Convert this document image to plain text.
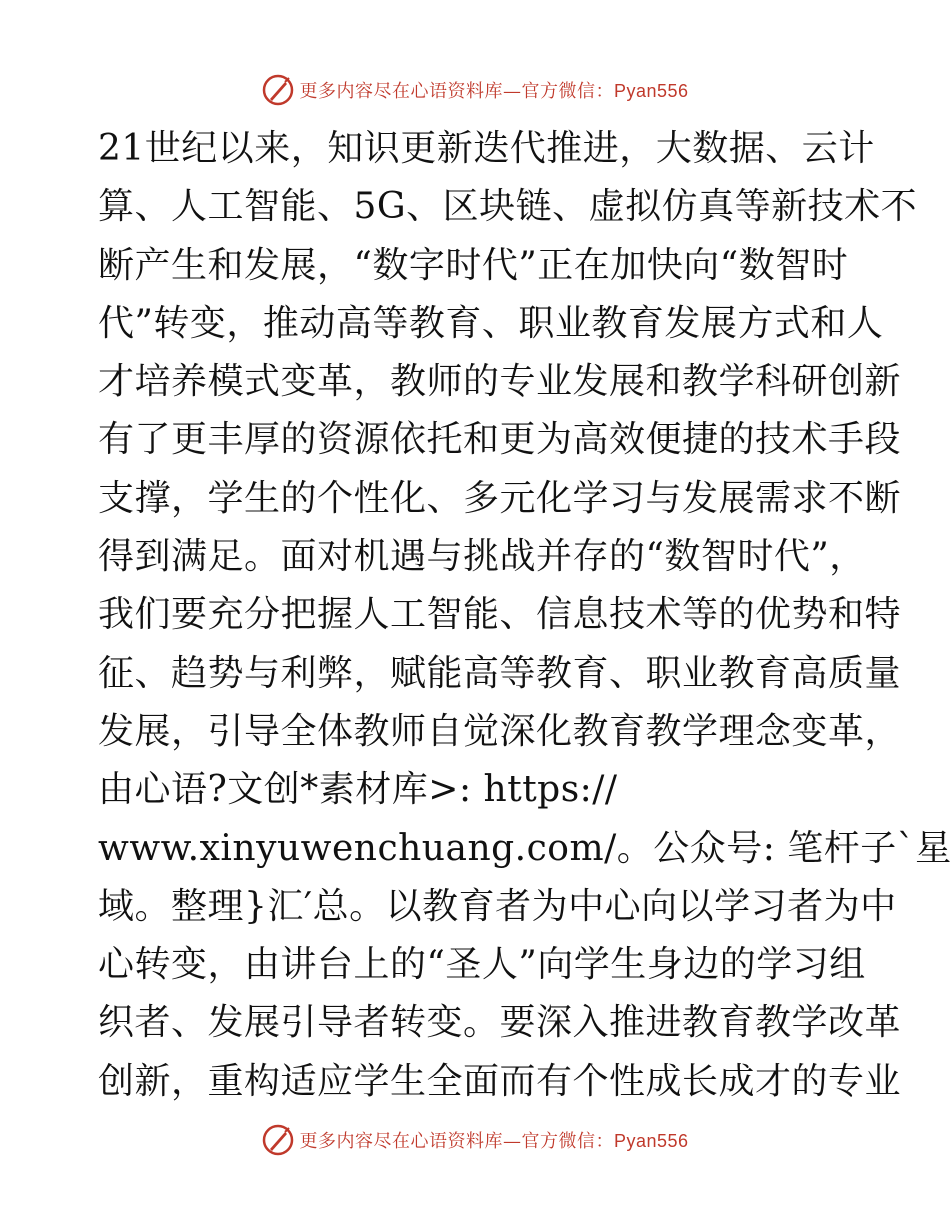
更多内容尽在心语资料库—官方微信：Pyan556
21世纪以来，知识更新迭代推进，大数据、云计
算、人工智能、5G、区块链、虚拟仿真等新技术不
断产生和发展，“数字时代”正在加快向“数智时
代”转变，推动高等教育、职业教育发展方式和人
才培养模式变革，教师的专业发展和教学科研创新
有了更丰厚的资源依托和更为高效便捷的技术手段
支撑，学生的个性化、多元化学习与发展需求不断
得到满足。面对机遇与挑战并存的“数智时代”，
我们要充分把握人工智能、信息技术等的优势和特
征、趋势与利弊，赋能高等教育、职业教育高质量
发展，引导全体教师自觉深化教育教学理念变革，
由心语?文创*素材库>: https://
www.xinyuwenchuang.com/。公众号: 笔杆子`星
域。整理}汇′总。以教育者为中心向以学习者为中
心转变，由讲台上的“圣人”向学生身边的学习组
织者、发展引导者转变。要深入推进教育教学改革
创新，重构适应学生全面而有个性成长成才的专业
更多内容尽在心语资料库—官方微信：Pyan556
